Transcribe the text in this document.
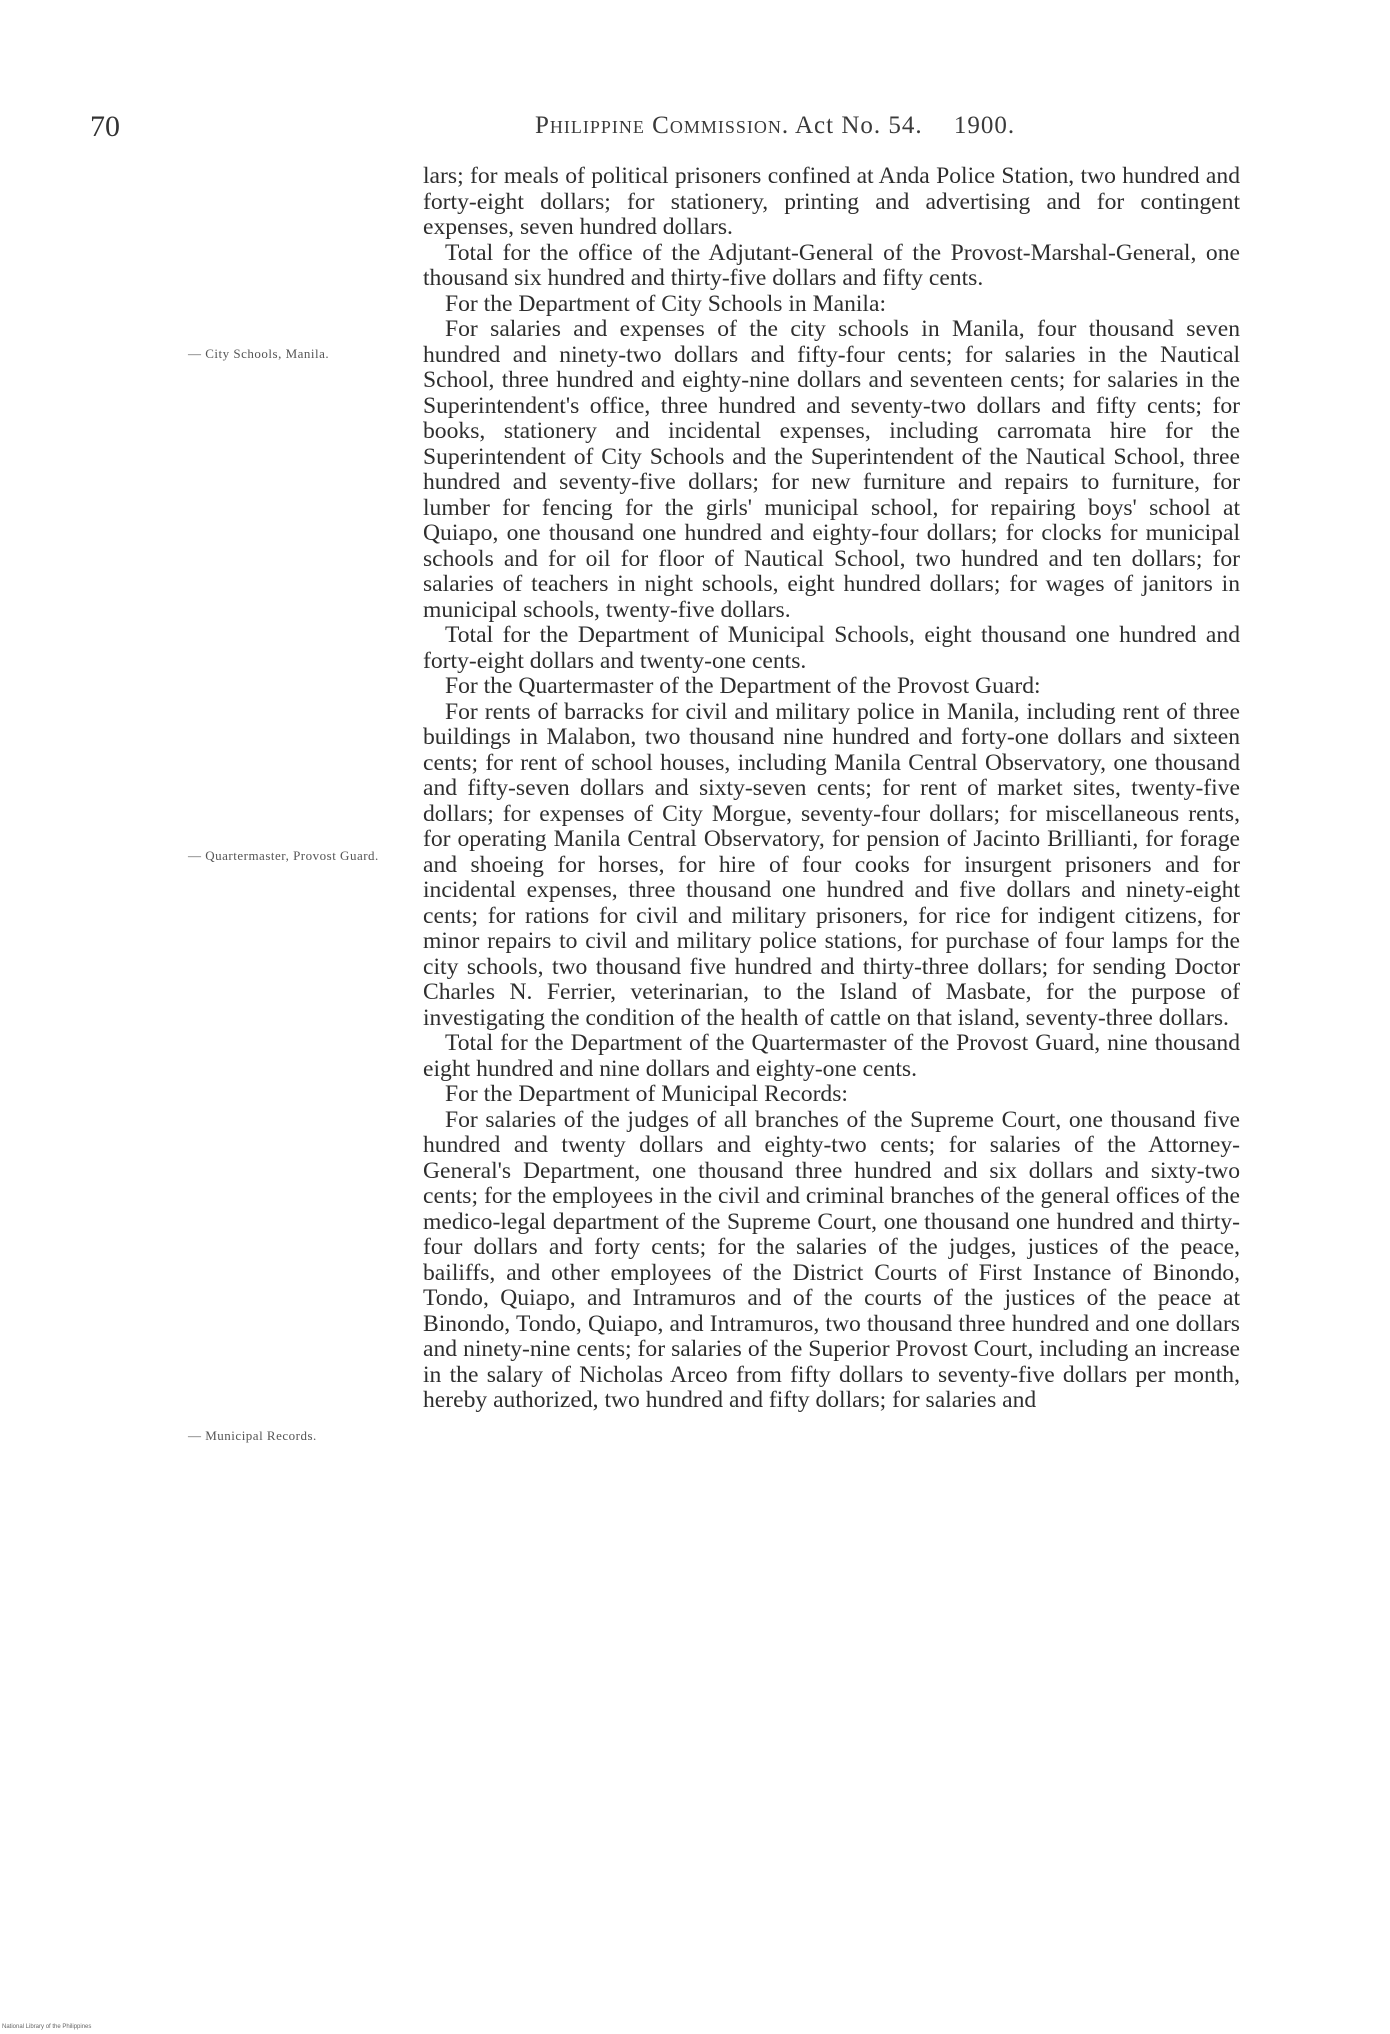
70	Philippine Commission. Act No. 54. 1900.
— City Schools, Manila.
— Quartermaster, Provost Guard.
— Municipal Records.

lars; for meals of political prisoners confined at Anda Police Station, two hundred and forty-eight dollars; for stationery, printing and advertising and for contingent expenses, seven hundred dollars.

Total for the office of the Adjutant-General of the Provost-Marshal-General, one thousand six hundred and thirty-five dollars and fifty cents.

For the Department of City Schools in Manila:

For salaries and expenses of the city schools in Manila, four thousand seven hundred and ninety-two dollars and fifty-four cents; for salaries in the Nautical School, three hundred and eighty-nine dollars and seventeen cents; for salaries in the Superintendent's office, three hundred and seventy-two dollars and fifty cents; for books, stationery and incidental expenses, including carromata hire for the Superintendent of City Schools and the Superintendent of the Nautical School, three hundred and seventy-five dollars; for new furniture and repairs to furniture, for lumber for fencing for the girls' municipal school, for repairing boys' school at Quiapo, one thousand one hundred and eighty-four dollars; for clocks for municipal schools and for oil for floor of Nautical School, two hundred and ten dollars; for salaries of teachers in night schools, eight hundred dollars; for wages of janitors in municipal schools, twenty-five dollars.

Total for the Department of Municipal Schools, eight thousand one hundred and forty-eight dollars and twenty-one cents.

For the Quartermaster of the Department of the Provost Guard:

For rents of barracks for civil and military police in Manila, including rent of three buildings in Malabon, two thousand nine hundred and forty-one dollars and sixteen cents; for rent of school houses, including Manila Central Observatory, one thousand and fifty-seven dollars and sixty-seven cents; for rent of market sites, twenty-five dollars; for expenses of City Morgue, seventy-four dollars; for miscellaneous rents, for operating Manila Central Observatory, for pension of Jacinto Brillianti, for forage and shoeing for horses, for hire of four cooks for insurgent prisoners and for incidental expenses, three thousand one hundred and five dollars and ninety-eight cents; for rations for civil and military prisoners, for rice for indigent citizens, for minor repairs to civil and military police stations, for purchase of four lamps for the city schools, two thousand five hundred and thirty-three dollars; for sending Doctor Charles N. Ferrier, veterinarian, to the Island of Masbate, for the purpose of investigating the condition of the health of cattle on that island, seventy-three dollars.

Total for the Department of the Quartermaster of the Provost Guard, nine thousand eight hundred and nine dollars and eighty-one cents.

For the Department of Municipal Records:

For salaries of the judges of all branches of the Supreme Court, one thousand five hundred and twenty dollars and eighty-two cents; for salaries of the Attorney-General's Department, one thousand three hundred and six dollars and sixty-two cents; for the employees in the civil and criminal branches of the general offices of the medico-legal department of the Supreme Court, one thousand one hundred and thirty-four dollars and forty cents; for the salaries of the judges, justices of the peace, bailiffs, and other employees of the District Courts of First Instance of Binondo, Tondo, Quiapo, and Intramuros and of the courts of the justices of the peace at Binondo, Tondo, Quiapo, and Intramuros, two thousand three hundred and one dollars and ninety-nine cents; for salaries of the Superior Provost Court, including an increase in the salary of Nicholas Arceo from fifty dollars to seventy-five dollars per month, hereby authorized, two hundred and fifty dollars; for salaries and

National Library of the Philippines
